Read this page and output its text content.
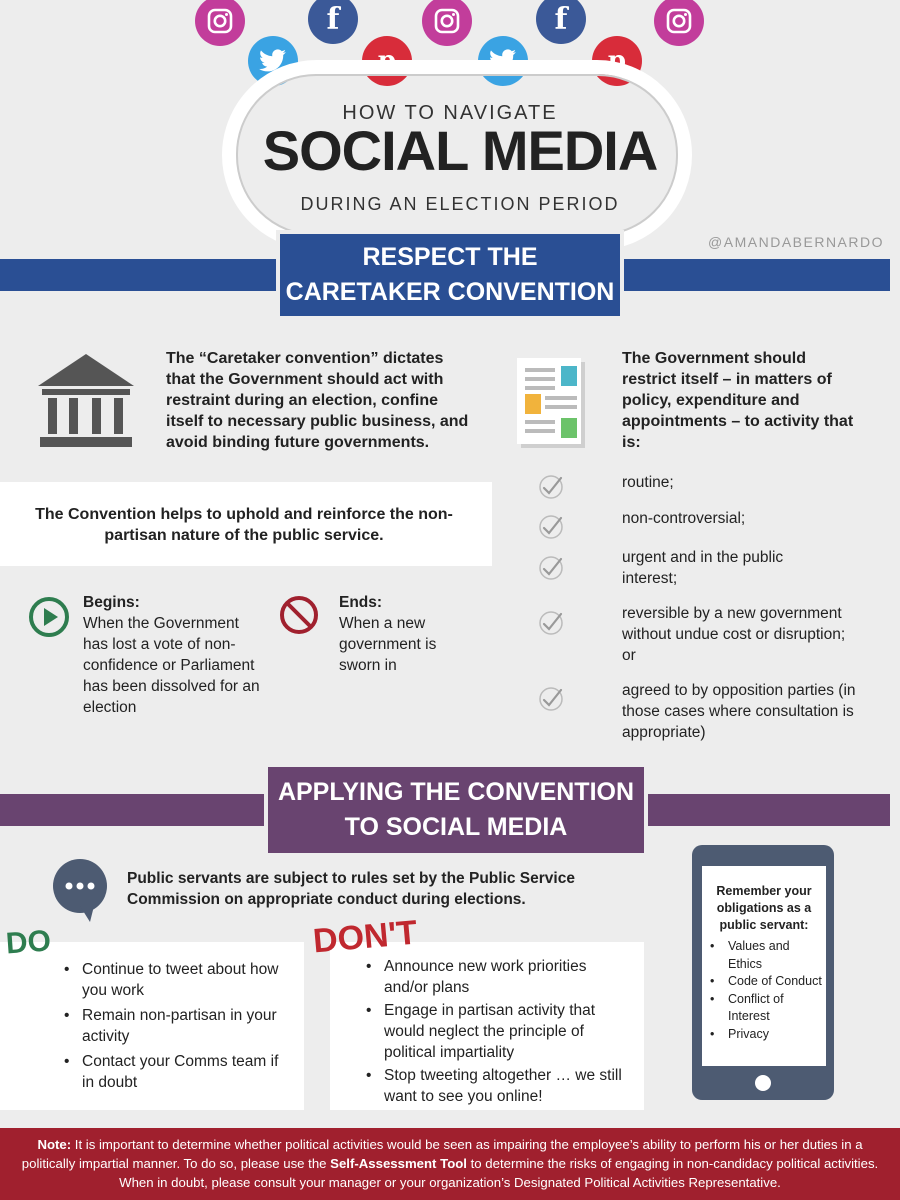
f	f
p	p
HOW TO NAVIGATE
SOCIAL MEDIA
DURING AN ELECTION PERIOD
@AMANDABERNARDO
RESPECT THE
CARETAKER CONVENTION
The “Caretaker convention” dictates that the Government should act with restraint during an election, confine itself to necessary public business, and avoid binding future governments.
The Government should restrict itself – in matters of policy, expenditure and appointments – to activity that is:
The Convention helps to uphold and reinforce the non-partisan nature of the public service.
Begins:
When the Government has lost a vote of non-confidence or Parliament has been dissolved for an election
Ends:
When a new government is sworn in
routine;
non-controversial;
urgent and in the public interest;
reversible by a new government without undue cost or disruption; or
agreed to by opposition parties (in those cases where consultation is appropriate)
APPLYING THE CONVENTION
TO SOCIAL MEDIA
Public servants are subject to rules set by the Public Service Commission on appropriate conduct during elections.
DO
• Continue to tweet about how you work
• Remain non-partisan in your activity
• Contact your Comms team if in doubt
DON'T
• Announce new work priorities and/or plans
• Engage in partisan activity that would neglect the principle of political impartiality
• Stop tweeting altogether … we still want to see you online!
Remember your obligations as a public servant:
• Values and Ethics
• Code of Conduct
• Conflict of Interest
• Privacy
Note: It is important to determine whether political activities would be seen as impairing the employee’s ability to perform his or her duties in a politically impartial manner. To do so, please use the Self-Assessment Tool to determine the risks of engaging in non-candidacy political activities. When in doubt, please consult your manager or your organization’s Designated Political Activities Representative.
